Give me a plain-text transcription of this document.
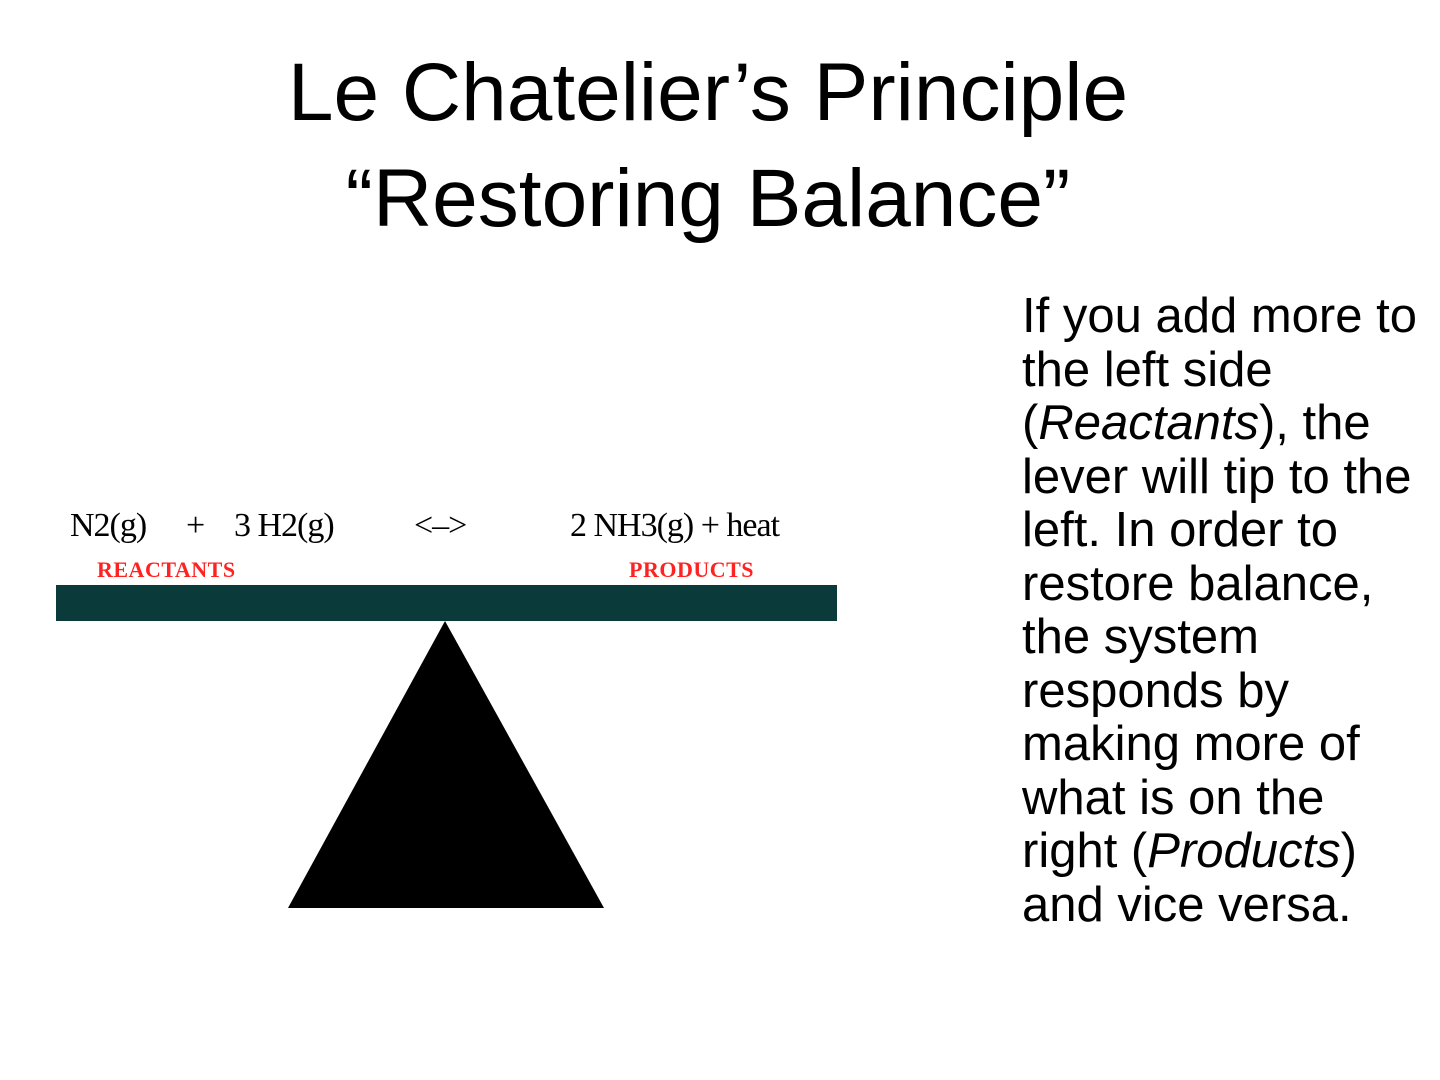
Le Chatelier’s Principle
“Restoring Balance”
N2(g) + 3 H2(g) <–>	2 NH3(g) + heat
REACTANTS	PRODUCTS

If you add more to the left side (Reactants), the lever will tip to the left. In order to restore balance, the system responds by making more of what is on the right (Products) and vice versa.
